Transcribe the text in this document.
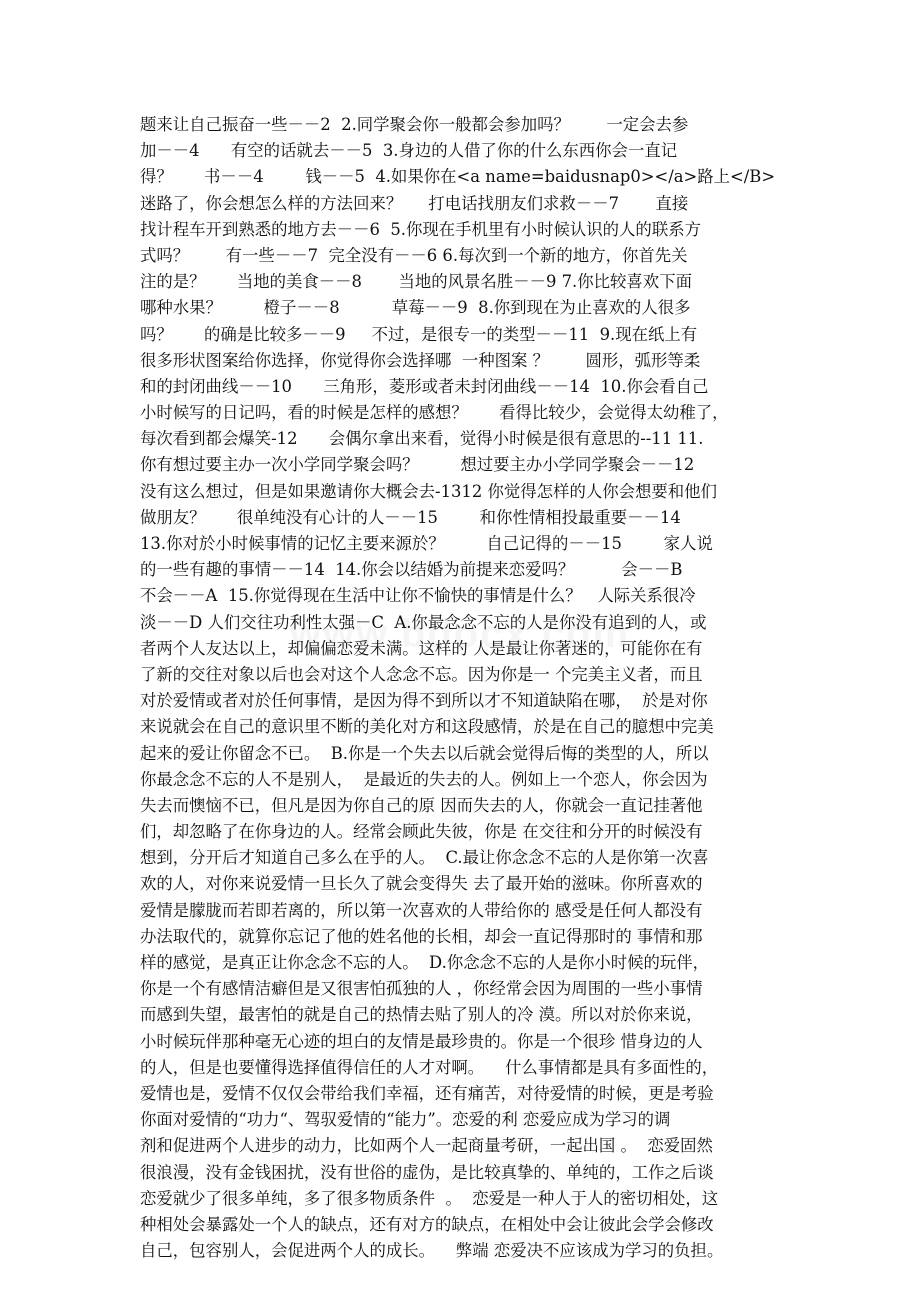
题来让自己振奋一些－－2  2.同学聚会你一般都会参加吗？       一定会去参
加－－4      有空的话就去－－5  3.身边的人借了你的什么东西你会一直记
得？      书－－4        钱－－5  4.如果你在<a name=baidusnap0></a>路上</B>
迷路了，你会想怎么样的方法回来？     打电话找朋友们求救－－7       直接
找计程车开到熟悉的地方去－－6  5.你现在手机里有小时候认识的人的联系方
式吗？       有一些－－7  完全没有－－6 6.每次到一个新的地方，你首先关
注的是？      当地的美食－－8       当地的风景名胜－－9 7.你比较喜欢下面
哪种水果？        橙子－－8          草莓－－9  8.你到现在为止喜欢的人很多
吗？      的确是比较多－－9     不过，是很专一的类型－－11  9.现在纸上有
很多形状图案给你选择，你觉得你会选择哪  一种图案 ？       圆形，弧形等柔
和的封闭曲线－－10      三角形，菱形或者未封闭曲线－－14  10.你会看自己
小时候写的日记吗，看的时候是怎样的感想？      看得比较少，会觉得太幼稚了，
每次看到都会爆笑-12      会偶尔拿出来看，觉得小时候是很有意思的--11 11.
你有想过要主办一次小学同学聚会吗？        想过要主办小学同学聚会－－12
没有这么想过，但是如果邀请你大概会去-1312 你觉得怎样的人你会想要和他们
做朋友？      很单纯没有心计的人－－15        和你性情相投最重要－－14
13.你对於小时候事情的记忆主要来源於？        自己记得的－－15        家人说
的一些有趣的事情－－14  14.你会以结婚为前提来恋爱吗？         会－－B
不会－－A  15.你觉得现在生活中让你不愉快的事情是什么？   人际关系很冷
淡－－D 人们交往功利性太强－C  A.你最念念不忘的人是你没有追到的人，或
者两个人友达以上，却偏偏恋爱未满。这样的 人是最让你著迷的，可能你在有
了新的交往对象以后也会对这个人念念不忘。因为你是一 个完美主义者，而且
对於爱情或者对於任何事情，是因为得不到所以才不知道缺陷在哪，  於是对你
来说就会在自己的意识里不断的美化对方和这段感情，於是在自己的臆想中完美
起来的爱让你留念不已。  B.你是一个失去以后就会觉得后悔的类型的人，所以
你最念念不忘的人不是别人，  是最近的失去的人。例如上一个恋人，你会因为
失去而懊恼不已，但凡是因为你自己的原 因而失去的人，你就会一直记挂著他
们，却忽略了在你身边的人。经常会顾此失彼，你是 在交往和分开的时候没有
想到，分开后才知道自己多么在乎的人。  C.最让你念念不忘的人是你第一次喜
欢的人，对你来说爱情一旦长久了就会变得失 去了最开始的滋味。你所喜欢的
爱情是朦胧而若即若离的，所以第一次喜欢的人带给你的 感受是任何人都没有
办法取代的，就算你忘记了他的姓名他的长相，却会一直记得那时的 事情和那
样的感觉，是真正让你念念不忘的人。  D.你念念不忘的人是你小时候的玩伴，
你是一个有感情洁癖但是又很害怕孤独的人 ，你经常会因为周围的一些小事情
而感到失望，最害怕的就是自己的热情去贴了别人的冷 漠。所以对於你来说，
小时候玩伴那种毫无心迹的坦白的友情是最珍贵的。你是一个很珍 惜身边的人
的人，但是也要懂得选择值得信任的人才对啊。    什么事情都是具有多面性的，
爱情也是，爱情不仅仅会带给我们幸福，还有痛苦，对待爱情的时候，更是考验
你面对爱情的“功力“、驾驭爱情的“能力”。恋爱的利 恋爱应成为学习的调
剂和促进两个人进步的动力，比如两个人一起商量考研，一起出国 。  恋爱固然
很浪漫，没有金钱困扰，没有世俗的虚伪，是比较真挚的、单纯的，工作之后谈
恋爱就少了很多单纯，多了很多物质条件  。  恋爱是一种人于人的密切相处，这
种相处会暴露处一个人的缺点，还有对方的缺点，在相处中会让彼此会学会修改
自己，包容别人，会促进两个人的成长。    弊端 恋爱决不应该成为学习的负担。
